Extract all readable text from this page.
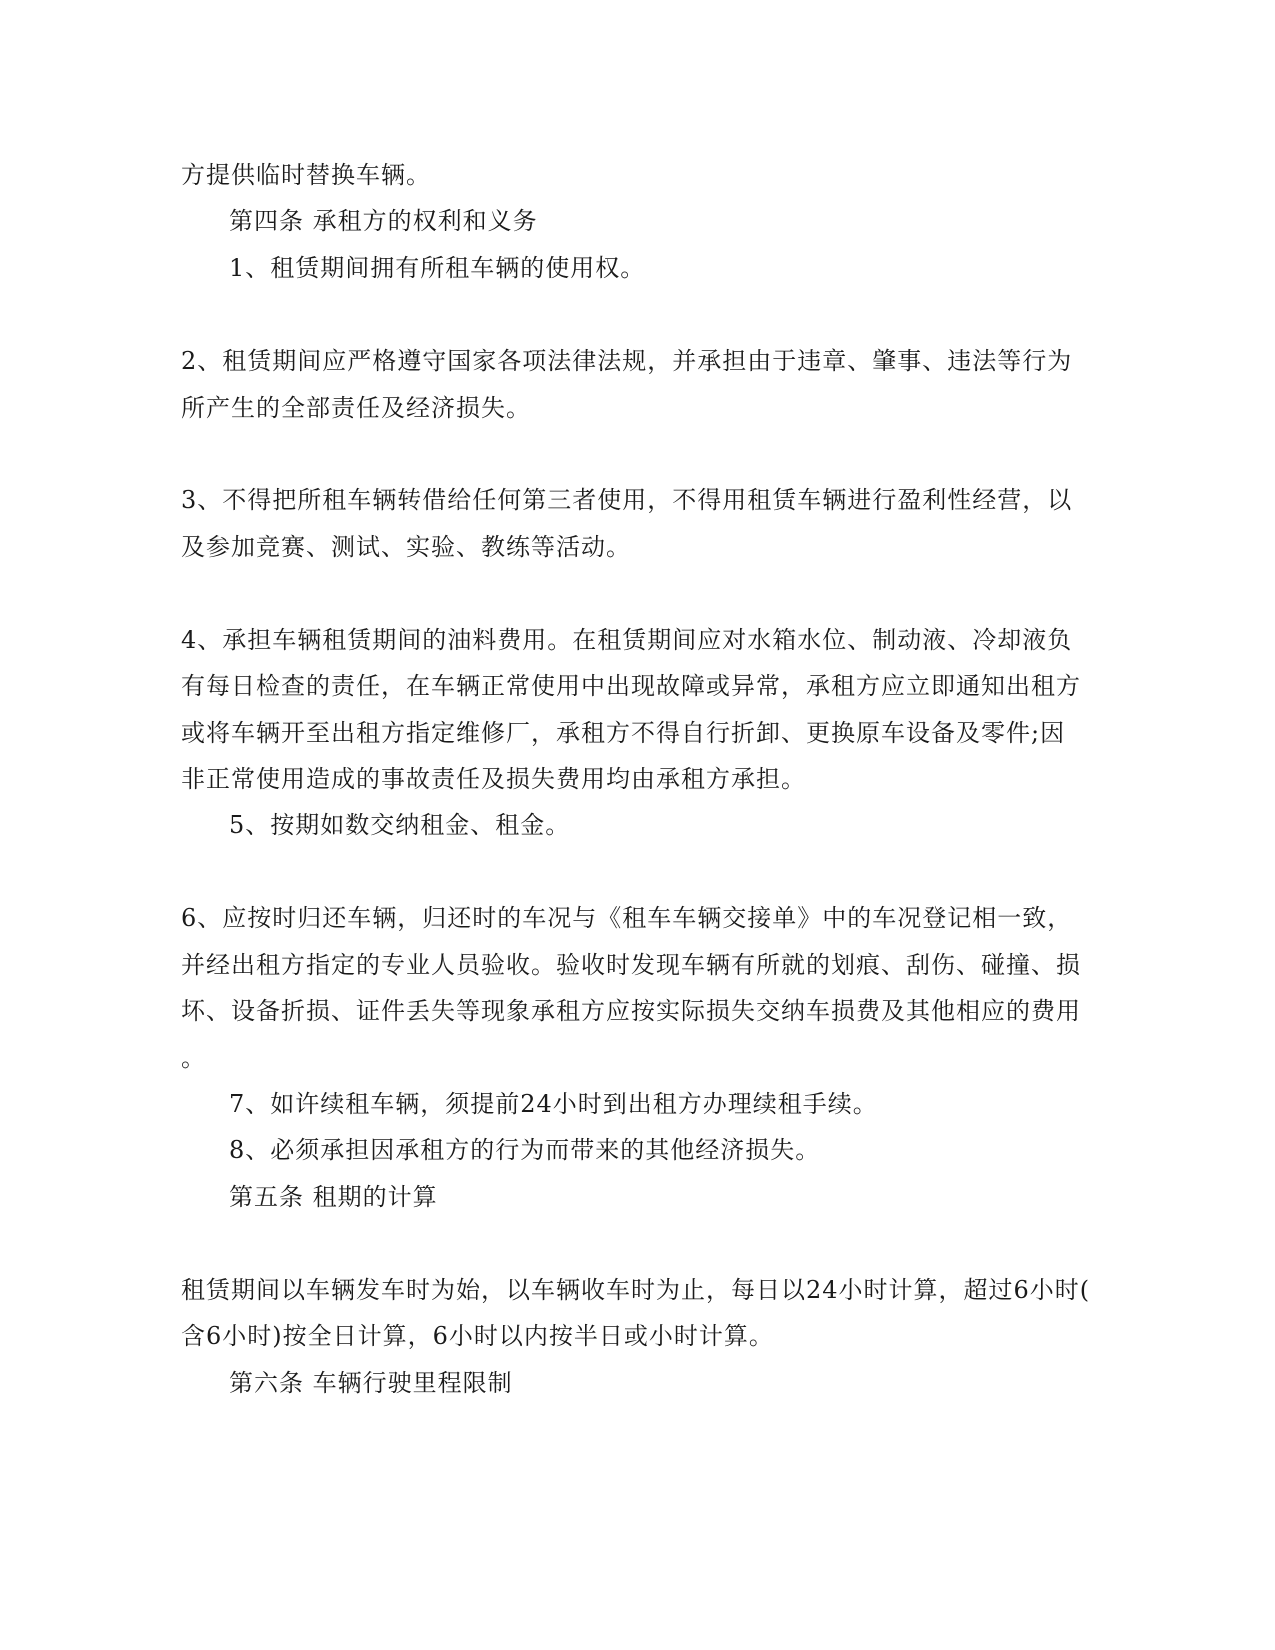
方提供临时替换车辆。
第四条 承租方的权利和义务
1、租赁期间拥有所租车辆的使用权。
2、租赁期间应严格遵守国家各项法律法规，并承担由于违章、肇事、违法等行为
所产生的全部责任及经济损失。
3、不得把所租车辆转借给任何第三者使用，不得用租赁车辆进行盈利性经营，以
及参加竞赛、测试、实验、教练等活动。
4、承担车辆租赁期间的油料费用。在租赁期间应对水箱水位、制动液、冷却液负
有每日检查的责任，在车辆正常使用中出现故障或异常，承租方应立即通知出租方
或将车辆开至出租方指定维修厂，承租方不得自行折卸、更换原车设备及零件;因
非正常使用造成的事故责任及损失费用均由承租方承担。
5、按期如数交纳租金、租金。
6、应按时归还车辆，归还时的车况与《租车车辆交接单》中的车况登记相一致，
并经出租方指定的专业人员验收。验收时发现车辆有所就的划痕、刮伤、碰撞、损
坏、设备折损、证件丢失等现象承租方应按实际损失交纳车损费及其他相应的费用
。
7、如许续租车辆，须提前24小时到出租方办理续租手续。
8、必须承担因承租方的行为而带来的其他经济损失。
第五条 租期的计算
租赁期间以车辆发车时为始，以车辆收车时为止，每日以24小时计算，超过6小时(
含6小时)按全日计算，6小时以内按半日或小时计算。
第六条 车辆行驶里程限制
